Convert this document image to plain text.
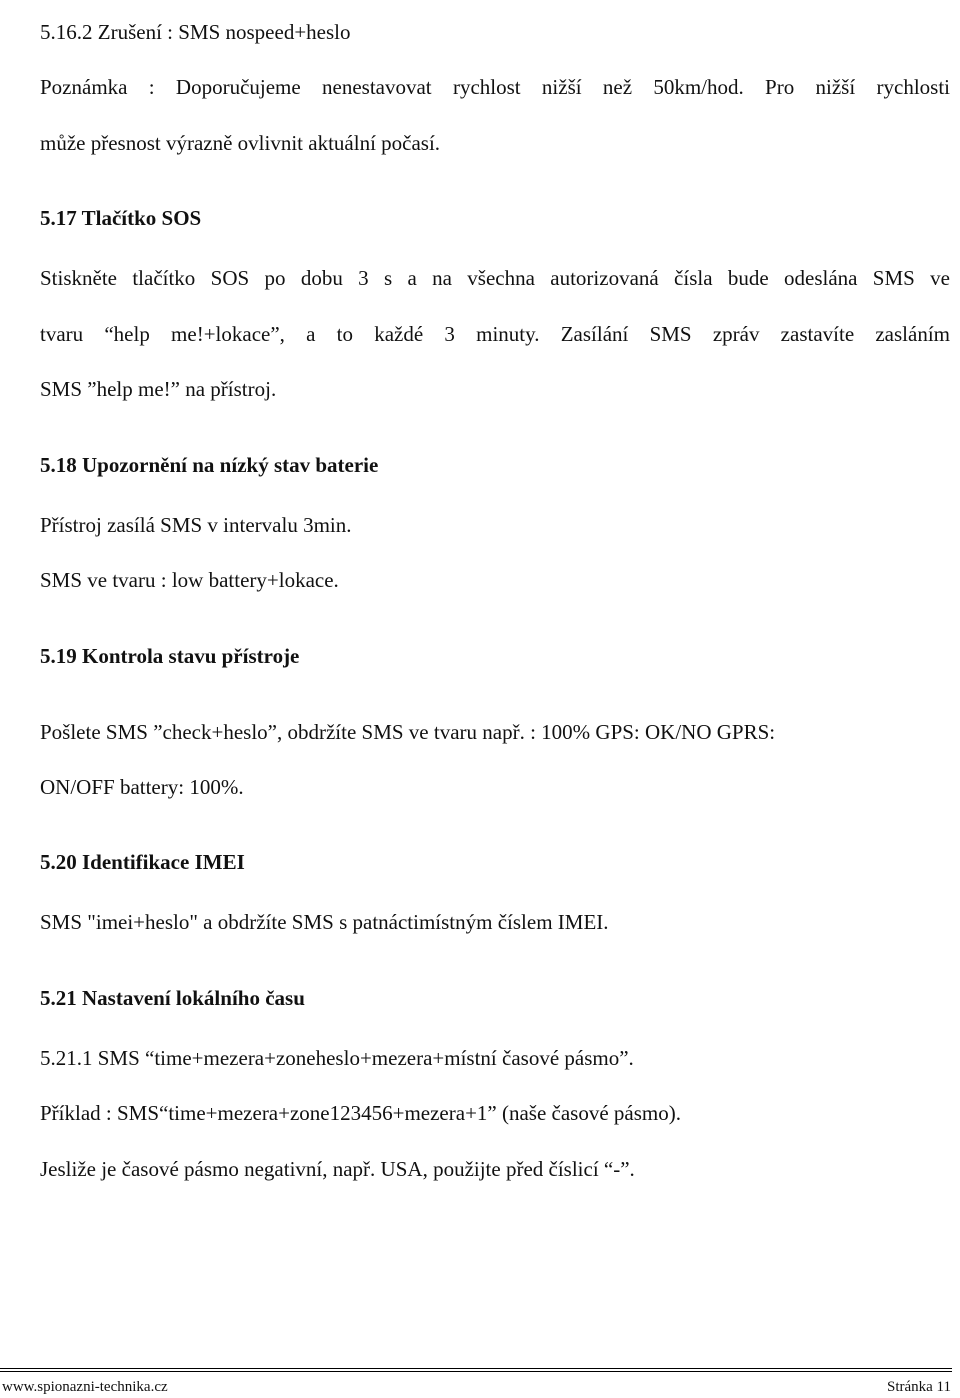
5.16.2 Zrušení : SMS nospeed+heslo

Poznámka : Doporučujeme nenestavovat rychlost nižší než 50km/hod. Pro nižší rychlosti

může přesnost výrazně ovlivnit aktuální počasí.

5.17 Tlačítko SOS

Stiskněte tlačítko SOS po dobu 3 s a na všechna autorizovaná čísla bude odeslána SMS ve

tvaru “help me!+lokace”, a to každé 3 minuty. Zasílání SMS zpráv zastavíte zasláním

SMS ”help me!” na přístroj.

5.18 Upozornění na nízký stav baterie

Přístroj zasílá SMS v intervalu 3min.

SMS ve tvaru : low battery+lokace.

5.19 Kontrola stavu přístroje

Pošlete SMS ”check+heslo”, obdržíte SMS ve tvaru např. : 100% GPS: OK/NO GPRS:

ON/OFF battery: 100%.

5.20 Identifikace IMEI

SMS "imei+heslo" a obdržíte SMS s patnáctimístným číslem IMEI.

5.21 Nastavení lokálního času

5.21.1 SMS “time+mezera+zoneheslo+mezera+místní časové pásmo”.

Příklad : SMS“time+mezera+zone123456+mezera+1” (naše časové pásmo).

Jesliže je časové pásmo negativní, např. USA, použijte před číslicí “-”.

www.spionazni-technika.cz	Stránka 11
